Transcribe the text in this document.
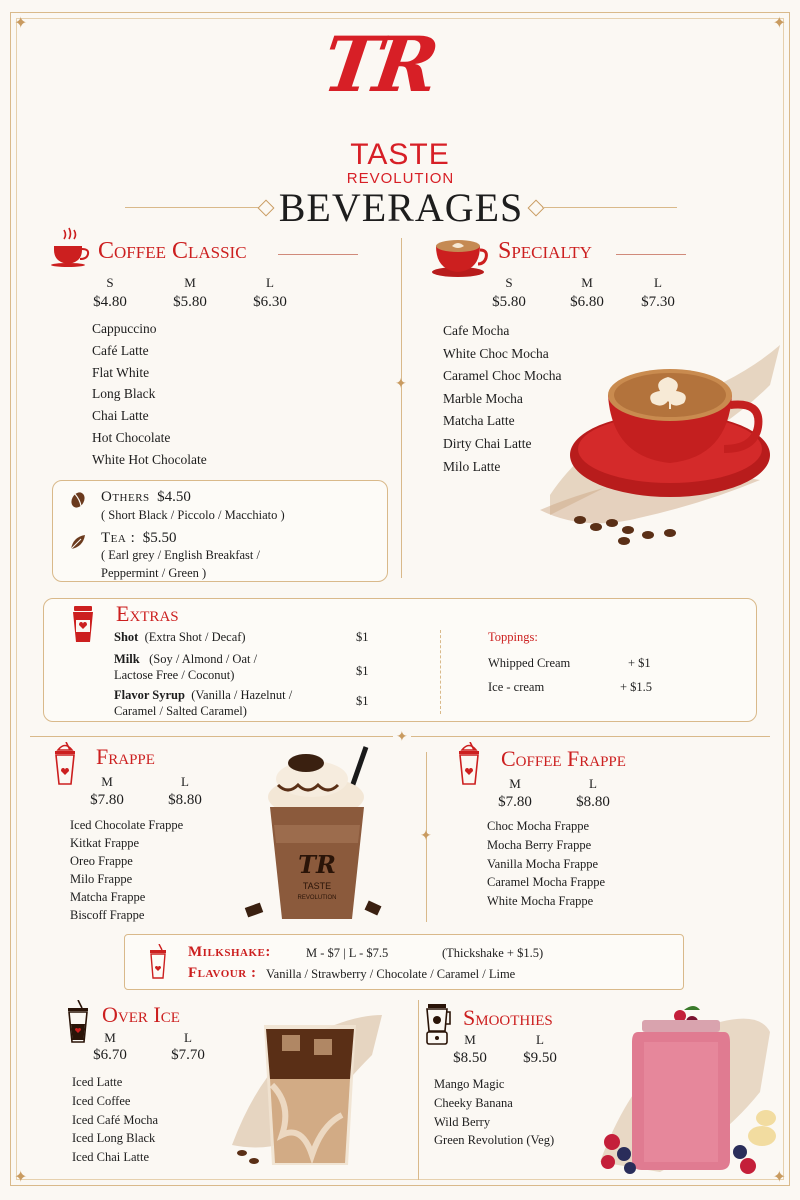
✦	✦
✦	✦
TR
TASTE
REVOLUTION
BEVERAGES
✦
Coffee Classic
S	M	L
$4.80	$5.80	$6.30
Cappuccino
Café Latte
Flat White
Long Black
Chai Latte
Hot Chocolate
White Hot Chocolate
Others $4.50
( Short Black / Piccolo / Macchiato )
Tea : $5.50
( Earl grey / English Breakfast /
Peppermint / Green )
Specialty
S	M	L
$5.80	$6.80	$7.30
Cafe Mocha
White Choc Mocha
Caramel Choc Mocha
Marble Mocha
Matcha Latte
Dirty Chai Latte
Milo Latte
Extras
Shot (Extra Shot / Decaf)	$1
Milk (Soy / Almond / Oat /
Lactose Free / Coconut)	$1
Flavor Syrup (Vanilla / Hazelnut /
Caramel / Salted Caramel)
$1
Toppings:
Whipped Cream	+ $1
Ice - cream	+ $1.5
✦
✦
Frappe
M	L
$7.80	$8.80
Iced Chocolate Frappe
Kitkat Frappe
Oreo Frappe
Milo Frappe
Matcha Frappe
Biscoff Frappe
TR
TASTE
REVOLUTION
Coffee Frappe
M	L
$7.80	$8.80
Choc Mocha Frappe
Mocha Berry Frappe
Vanilla Mocha Frappe
Caramel Mocha Frappe
White Mocha Frappe
Milkshake:	M - $7 | L - $7.5	(Thickshake + $1.5)
Flavour : Vanilla / Strawberry / Chocolate / Caramel / Lime
Over Ice
M	L
$6.70	$7.70
Iced Latte
Iced Coffee
Iced Café Mocha
Iced Long Black
Iced Chai Latte
Smoothies
M	L
$8.50	$9.50
Mango Magic
Cheeky Banana
Wild Berry
Green Revolution (Veg)
